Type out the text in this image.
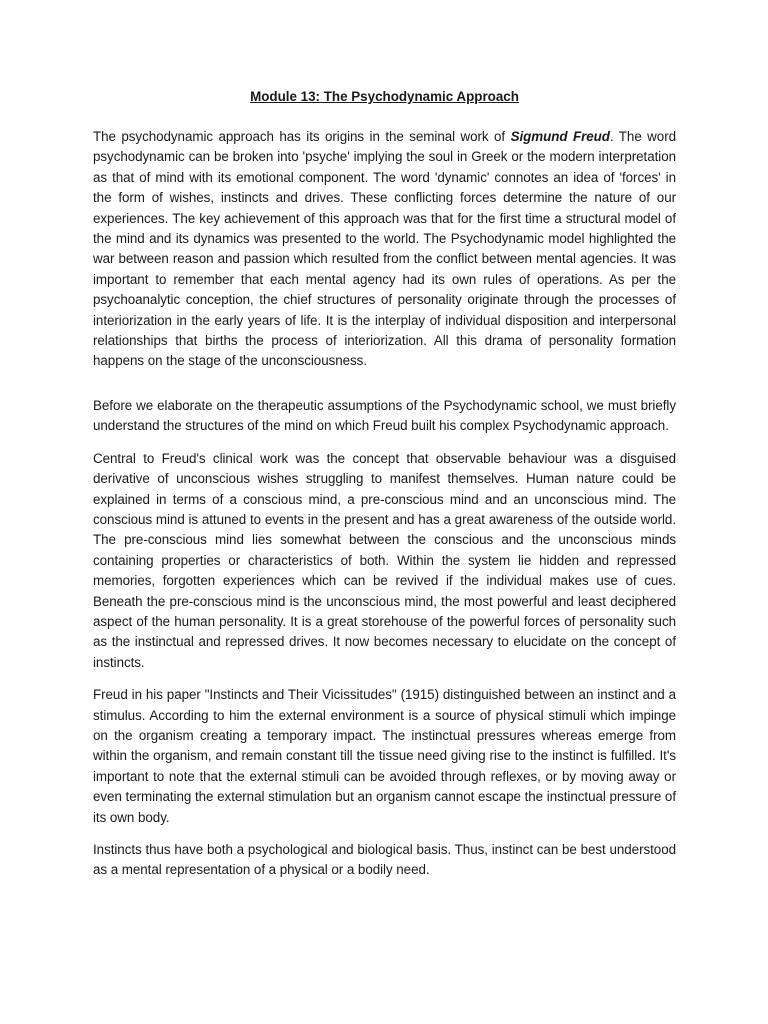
Module 13: The Psychodynamic Approach

The psychodynamic approach has its origins in the seminal work of Sigmund Freud. The word psychodynamic can be broken into 'psyche' implying the soul in Greek or the modern interpretation as that of mind with its emotional component. The word 'dynamic' connotes an idea of 'forces' in the form of wishes, instincts and drives. These conflicting forces determine the nature of our experiences. The key achievement of this approach was that for the first time a structural model of the mind and its dynamics was presented to the world. The Psychodynamic model highlighted the war between reason and passion which resulted from the conflict between mental agencies. It was important to remember that each mental agency had its own rules of operations. As per the psychoanalytic conception, the chief structures of personality originate through the processes of interiorization in the early years of life. It is the interplay of individual disposition and interpersonal relationships that births the process of interiorization. All this drama of personality formation happens on the stage of the unconsciousness.

Before we elaborate on the therapeutic assumptions of the Psychodynamic school, we must briefly understand the structures of the mind on which Freud built his complex Psychodynamic approach.

Central to Freud's clinical work was the concept that observable behaviour was a disguised derivative of unconscious wishes struggling to manifest themselves. Human nature could be explained in terms of a conscious mind, a pre-conscious mind and an unconscious mind. The conscious mind is attuned to events in the present and has a great awareness of the outside world. The pre-conscious mind lies somewhat between the conscious and the unconscious minds containing properties or characteristics of both. Within the system lie hidden and repressed memories, forgotten experiences which can be revived if the individual makes use of cues. Beneath the pre-conscious mind is the unconscious mind, the most powerful and least deciphered aspect of the human personality. It is a great storehouse of the powerful forces of personality such as the instinctual and repressed drives. It now becomes necessary to elucidate on the concept of instincts.

Freud in his paper "Instincts and Their Vicissitudes" (1915) distinguished between an instinct and a stimulus. According to him the external environment is a source of physical stimuli which impinge on the organism creating a temporary impact. The instinctual pressures whereas emerge from within the organism, and remain constant till the tissue need giving rise to the instinct is fulfilled. It's important to note that the external stimuli can be avoided through reflexes, or by moving away or even terminating the external stimulation but an organism cannot escape the instinctual pressure of its own body.

Instincts thus have both a psychological and biological basis. Thus, instinct can be best understood as a mental representation of a physical or a bodily need.
